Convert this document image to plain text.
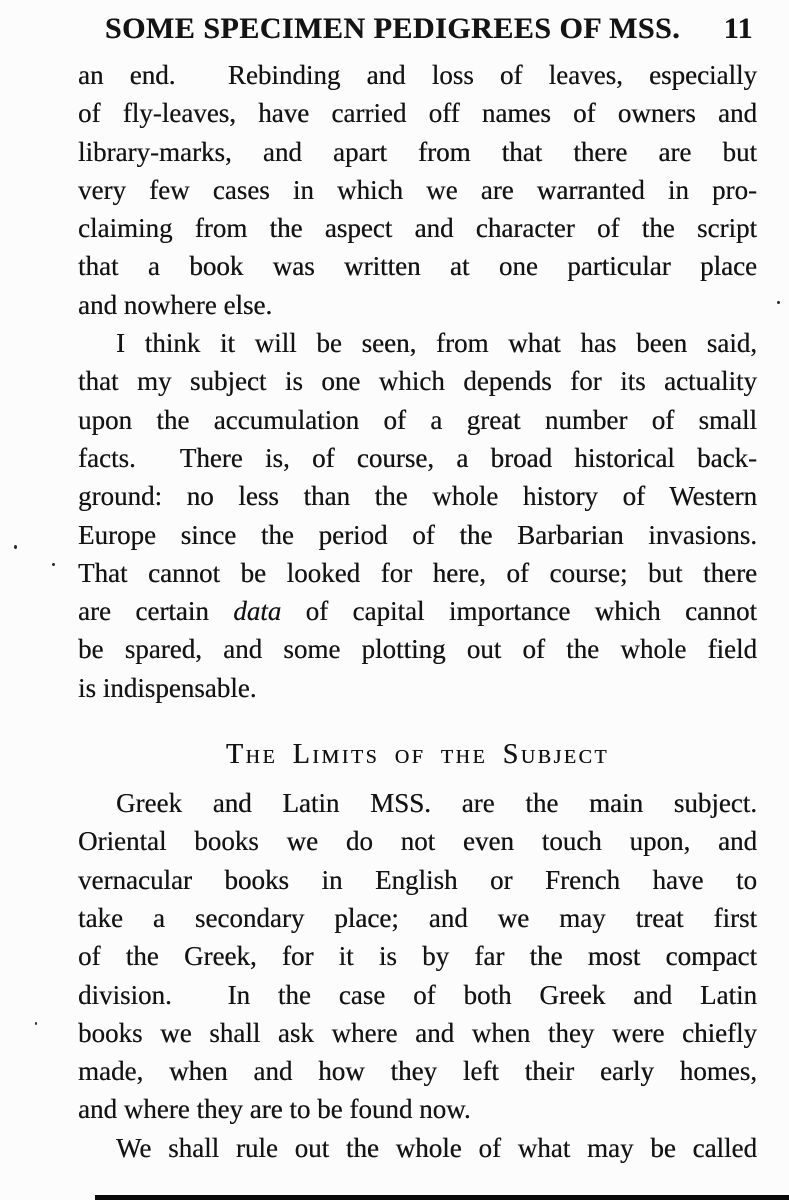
SOME SPECIMEN PEDIGREES OF MSS.	11
an end.  Rebinding and loss of leaves, especially
of fly-leaves, have carried off names of owners and
library-marks, and apart from that there are but
very few cases in which we are warranted in pro-
claiming from the aspect and character of the script
that a book was written at one particular place
and nowhere else.
I think it will be seen, from what has been said,
that my subject is one which depends for its actuality
upon the accumulation of a great number of small
facts.  There is, of course, a broad historical back-
ground: no less than the whole history of Western
Europe since the period of the Barbarian invasions.
That cannot be looked for here, of course; but there
are certain data of capital importance which cannot
be spared, and some plotting out of the whole field
is indispensable.
The Limits of the Subject
Greek and Latin MSS. are the main subject.
Oriental books we do not even touch upon, and
vernacular books in English or French have to
take a secondary place; and we may treat first
of the Greek, for it is by far the most compact
division.  In the case of both Greek and Latin
books we shall ask where and when they were chiefly
made, when and how they left their early homes,
and where they are to be found now.
We shall rule out the whole of what may be called
